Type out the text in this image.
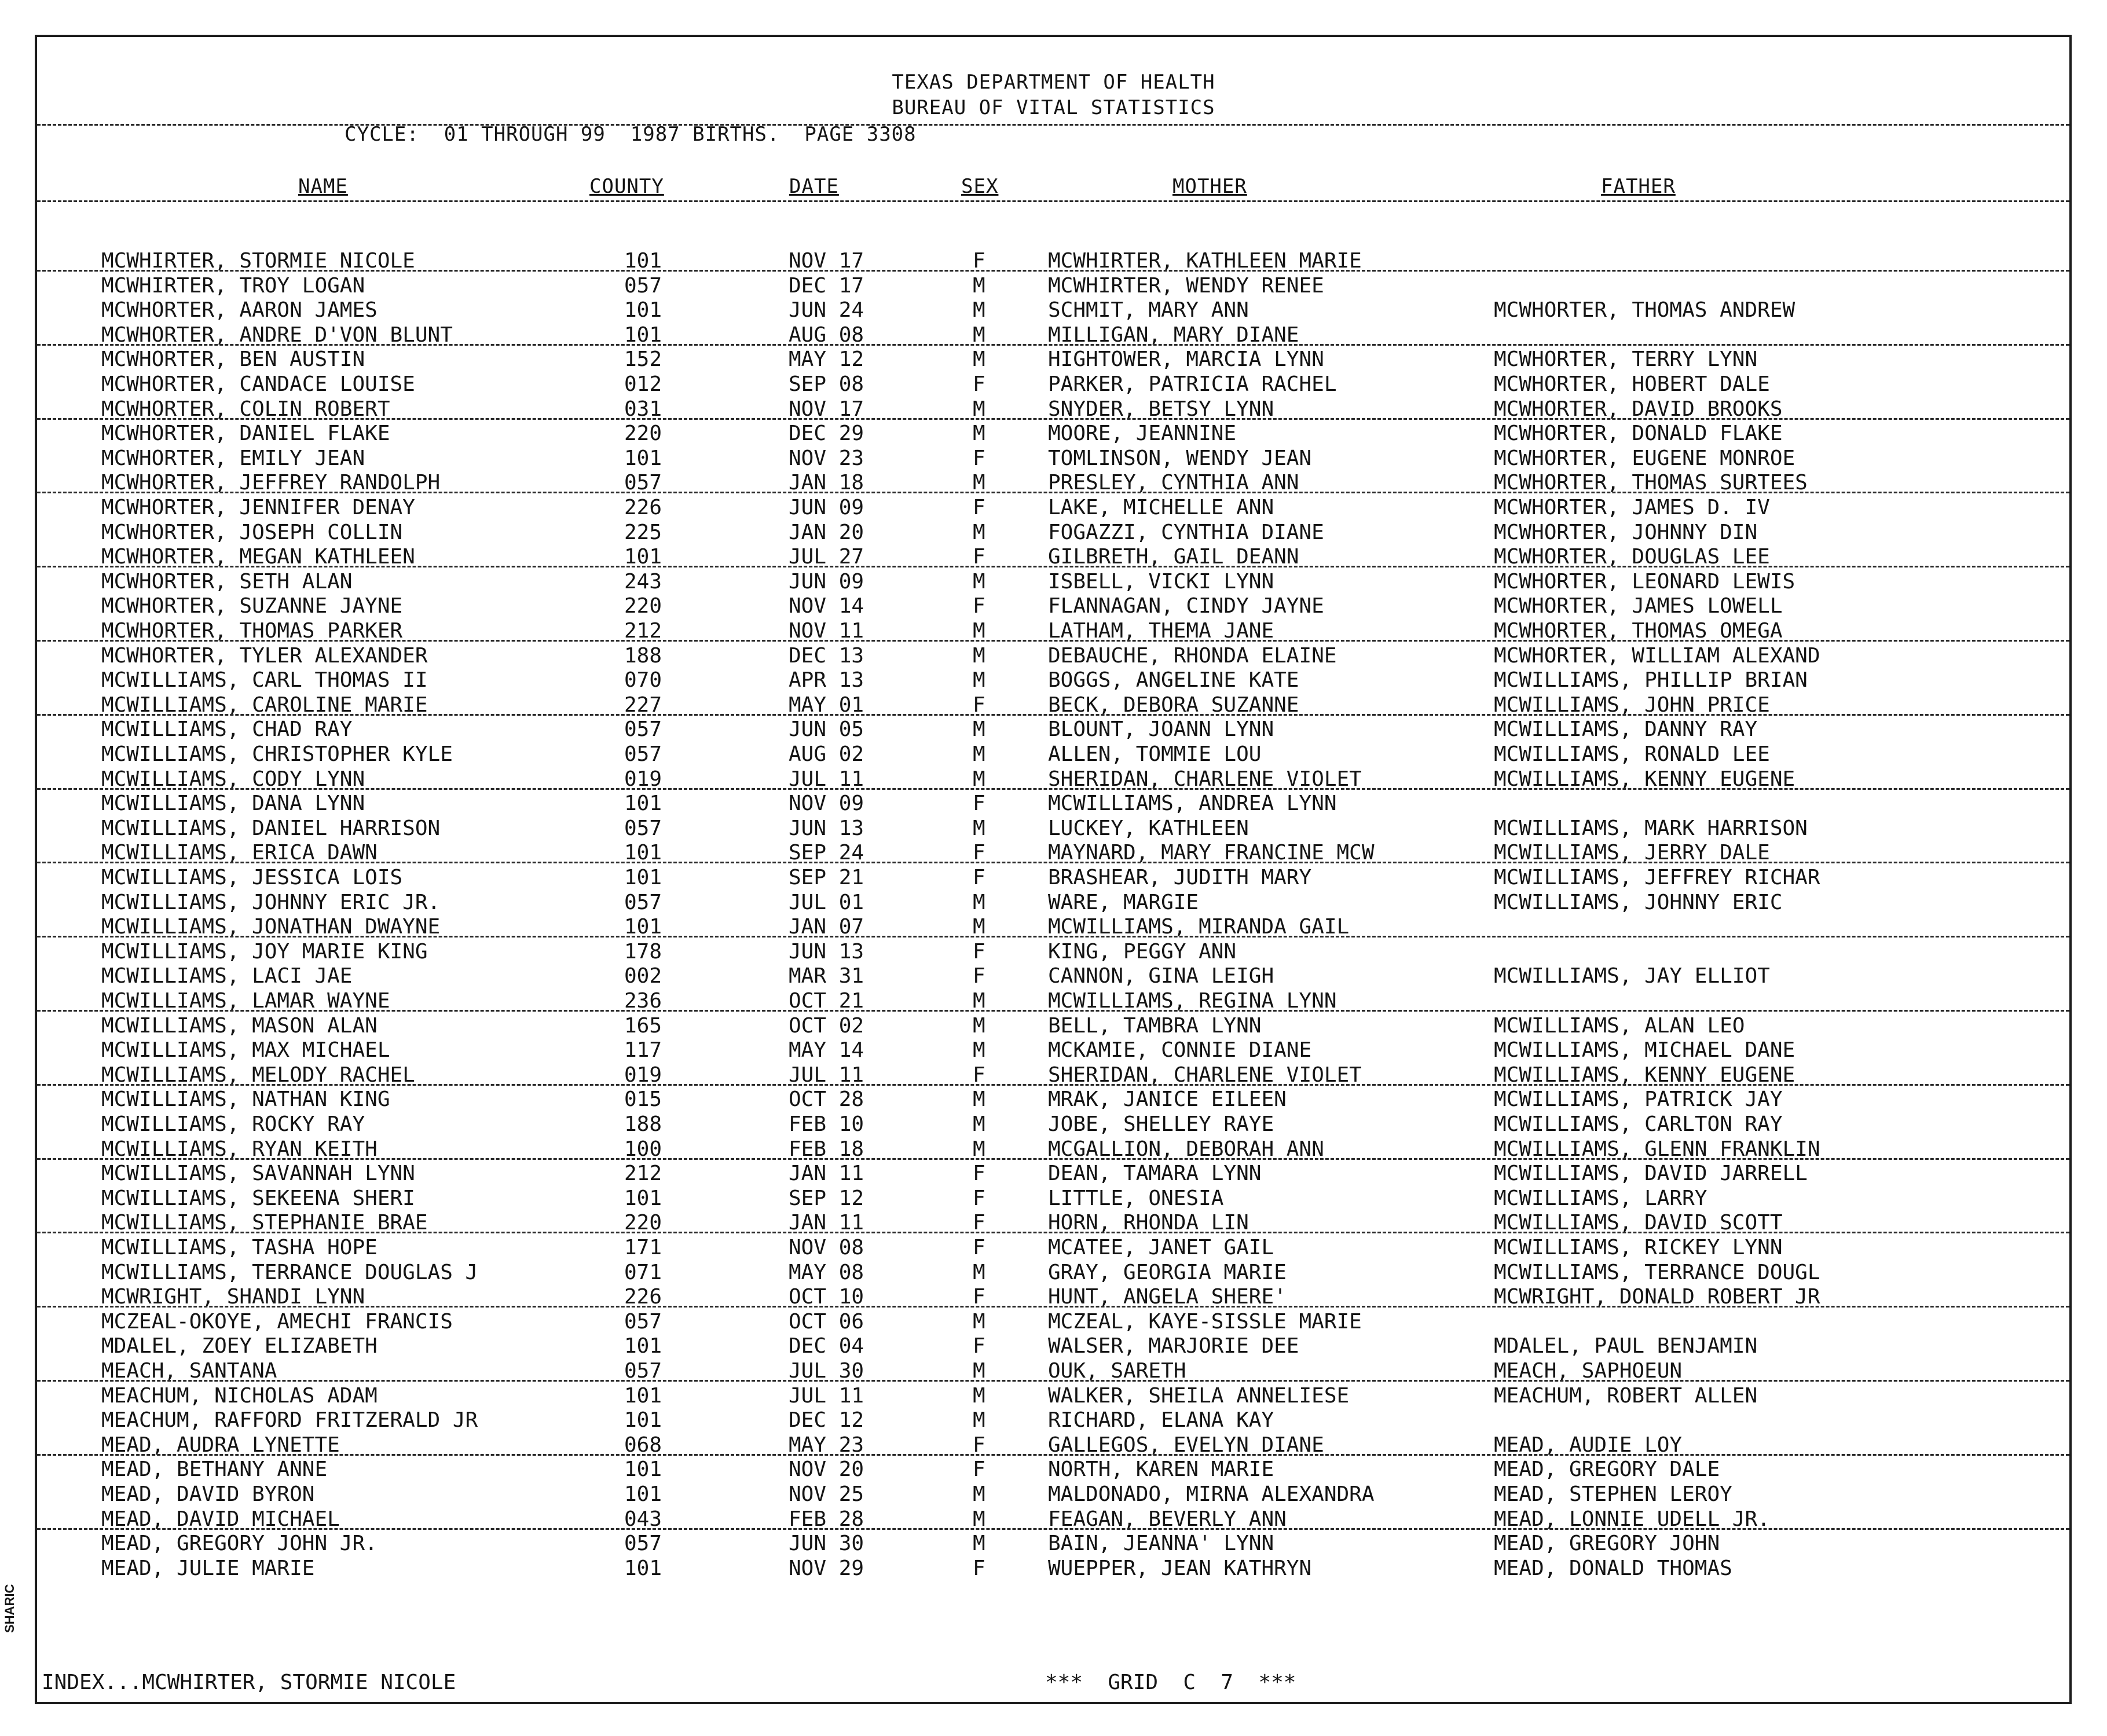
TEXAS DEPARTMENT OF HEALTH
BUREAU OF VITAL STATISTICS
CYCLE:  01 THROUGH 99  1987 BIRTHS.  PAGE 3308
NAME	COUNTY	DATE	SEX	MOTHER	FATHER
MCWHIRTER, STORMIE NICOLE	101	NOV 17	F	MCWHIRTER, KATHLEEN MARIE
MCWHIRTER, TROY LOGAN	057	DEC 17	M	MCWHIRTER, WENDY RENEE
MCWHORTER, AARON JAMES	101	JUN 24	M	SCHMIT, MARY ANN	MCWHORTER, THOMAS ANDREW
MCWHORTER, ANDRE D'VON BLUNT	101	AUG 08	M	MILLIGAN, MARY DIANE
MCWHORTER, BEN AUSTIN	152	MAY 12	M	HIGHTOWER, MARCIA LYNN	MCWHORTER, TERRY LYNN
MCWHORTER, CANDACE LOUISE	012	SEP 08	F	PARKER, PATRICIA RACHEL	MCWHORTER, HOBERT DALE
MCWHORTER, COLIN ROBERT	031	NOV 17	M	SNYDER, BETSY LYNN	MCWHORTER, DAVID BROOKS
MCWHORTER, DANIEL FLAKE	220	DEC 29	M	MOORE, JEANNINE	MCWHORTER, DONALD FLAKE
MCWHORTER, EMILY JEAN	101	NOV 23	F	TOMLINSON, WENDY JEAN	MCWHORTER, EUGENE MONROE
MCWHORTER, JEFFREY RANDOLPH	057	JAN 18	M	PRESLEY, CYNTHIA ANN	MCWHORTER, THOMAS SURTEES
MCWHORTER, JENNIFER DENAY	226	JUN 09	F	LAKE, MICHELLE ANN	MCWHORTER, JAMES D. IV
MCWHORTER, JOSEPH COLLIN	225	JAN 20	M	FOGAZZI, CYNTHIA DIANE	MCWHORTER, JOHNNY DIN
MCWHORTER, MEGAN KATHLEEN	101	JUL 27	F	GILBRETH, GAIL DEANN	MCWHORTER, DOUGLAS LEE
MCWHORTER, SETH ALAN	243	JUN 09	M	ISBELL, VICKI LYNN	MCWHORTER, LEONARD LEWIS
MCWHORTER, SUZANNE JAYNE	220	NOV 14	F	FLANNAGAN, CINDY JAYNE	MCWHORTER, JAMES LOWELL
MCWHORTER, THOMAS PARKER	212	NOV 11	M	LATHAM, THEMA JANE	MCWHORTER, THOMAS OMEGA
MCWHORTER, TYLER ALEXANDER	188	DEC 13	M	DEBAUCHE, RHONDA ELAINE	MCWHORTER, WILLIAM ALEXAND
MCWILLIAMS, CARL THOMAS II	070	APR 13	M	BOGGS, ANGELINE KATE	MCWILLIAMS, PHILLIP BRIAN
MCWILLIAMS, CAROLINE MARIE	227	MAY 01	F	BECK, DEBORA SUZANNE	MCWILLIAMS, JOHN PRICE
MCWILLIAMS, CHAD RAY	057	JUN 05	M	BLOUNT, JOANN LYNN	MCWILLIAMS, DANNY RAY
MCWILLIAMS, CHRISTOPHER KYLE	057	AUG 02	M	ALLEN, TOMMIE LOU	MCWILLIAMS, RONALD LEE
MCWILLIAMS, CODY LYNN	019	JUL 11	M	SHERIDAN, CHARLENE VIOLET	MCWILLIAMS, KENNY EUGENE
MCWILLIAMS, DANA LYNN	101	NOV 09	F	MCWILLIAMS, ANDREA LYNN
MCWILLIAMS, DANIEL HARRISON	057	JUN 13	M	LUCKEY, KATHLEEN	MCWILLIAMS, MARK HARRISON
MCWILLIAMS, ERICA DAWN	101	SEP 24	F	MAYNARD, MARY FRANCINE MCW	MCWILLIAMS, JERRY DALE
MCWILLIAMS, JESSICA LOIS	101	SEP 21	F	BRASHEAR, JUDITH MARY	MCWILLIAMS, JEFFREY RICHAR
MCWILLIAMS, JOHNNY ERIC JR.	057	JUL 01	M	WARE, MARGIE	MCWILLIAMS, JOHNNY ERIC
MCWILLIAMS, JONATHAN DWAYNE	101	JAN 07	M	MCWILLIAMS, MIRANDA GAIL
MCWILLIAMS, JOY MARIE KING	178	JUN 13	F	KING, PEGGY ANN
MCWILLIAMS, LACI JAE	002	MAR 31	F	CANNON, GINA LEIGH	MCWILLIAMS, JAY ELLIOT
MCWILLIAMS, LAMAR WAYNE	236	OCT 21	M	MCWILLIAMS, REGINA LYNN
MCWILLIAMS, MASON ALAN	165	OCT 02	M	BELL, TAMBRA LYNN	MCWILLIAMS, ALAN LEO
MCWILLIAMS, MAX MICHAEL	117	MAY 14	M	MCKAMIE, CONNIE DIANE	MCWILLIAMS, MICHAEL DANE
MCWILLIAMS, MELODY RACHEL	019	JUL 11	F	SHERIDAN, CHARLENE VIOLET	MCWILLIAMS, KENNY EUGENE
MCWILLIAMS, NATHAN KING	015	OCT 28	M	MRAK, JANICE EILEEN	MCWILLIAMS, PATRICK JAY
MCWILLIAMS, ROCKY RAY	188	FEB 10	M	JOBE, SHELLEY RAYE	MCWILLIAMS, CARLTON RAY
MCWILLIAMS, RYAN KEITH	100	FEB 18	M	MCGALLION, DEBORAH ANN	MCWILLIAMS, GLENN FRANKLIN
MCWILLIAMS, SAVANNAH LYNN	212	JAN 11	F	DEAN, TAMARA LYNN	MCWILLIAMS, DAVID JARRELL
MCWILLIAMS, SEKEENA SHERI	101	SEP 12	F	LITTLE, ONESIA	MCWILLIAMS, LARRY
MCWILLIAMS, STEPHANIE BRAE	220	JAN 11	F	HORN, RHONDA LIN	MCWILLIAMS, DAVID SCOTT
MCWILLIAMS, TASHA HOPE	171	NOV 08	F	MCATEE, JANET GAIL	MCWILLIAMS, RICKEY LYNN
MCWILLIAMS, TERRANCE DOUGLAS J	071	MAY 08	M	GRAY, GEORGIA MARIE	MCWILLIAMS, TERRANCE DOUGL
MCWRIGHT, SHANDI LYNN	226	OCT 10	F	HUNT, ANGELA SHERE'	MCWRIGHT, DONALD ROBERT JR
MCZEAL-OKOYE, AMECHI FRANCIS	057	OCT 06	M	MCZEAL, KAYE-SISSLE MARIE
MDALEL, ZOEY ELIZABETH	101	DEC 04	F	WALSER, MARJORIE DEE	MDALEL, PAUL BENJAMIN
MEACH, SANTANA	057	JUL 30	M	OUK, SARETH	MEACH, SAPHOEUN
MEACHUM, NICHOLAS ADAM	101	JUL 11	M	WALKER, SHEILA ANNELIESE	MEACHUM, ROBERT ALLEN
MEACHUM, RAFFORD FRITZERALD JR	101	DEC 12	M	RICHARD, ELANA KAY
MEAD, AUDRA LYNETTE	068	MAY 23	F	GALLEGOS, EVELYN DIANE	MEAD, AUDIE LOY
MEAD, BETHANY ANNE	101	NOV 20	F	NORTH, KAREN MARIE	MEAD, GREGORY DALE
MEAD, DAVID BYRON	101	NOV 25	M	MALDONADO, MIRNA ALEXANDRA	MEAD, STEPHEN LEROY
MEAD, DAVID MICHAEL	043	FEB 28	M	FEAGAN, BEVERLY ANN	MEAD, LONNIE UDELL JR.
MEAD, GREGORY JOHN JR.	057	JUN 30	M	BAIN, JEANNA' LYNN	MEAD, GREGORY JOHN
MEAD, JULIE MARIE	101	NOV 29	F	WUEPPER, JEAN KATHRYN	MEAD, DONALD THOMAS
INDEX...MCWHIRTER, STORMIE NICOLE	***  GRID  C  7  ***
SHARIC
